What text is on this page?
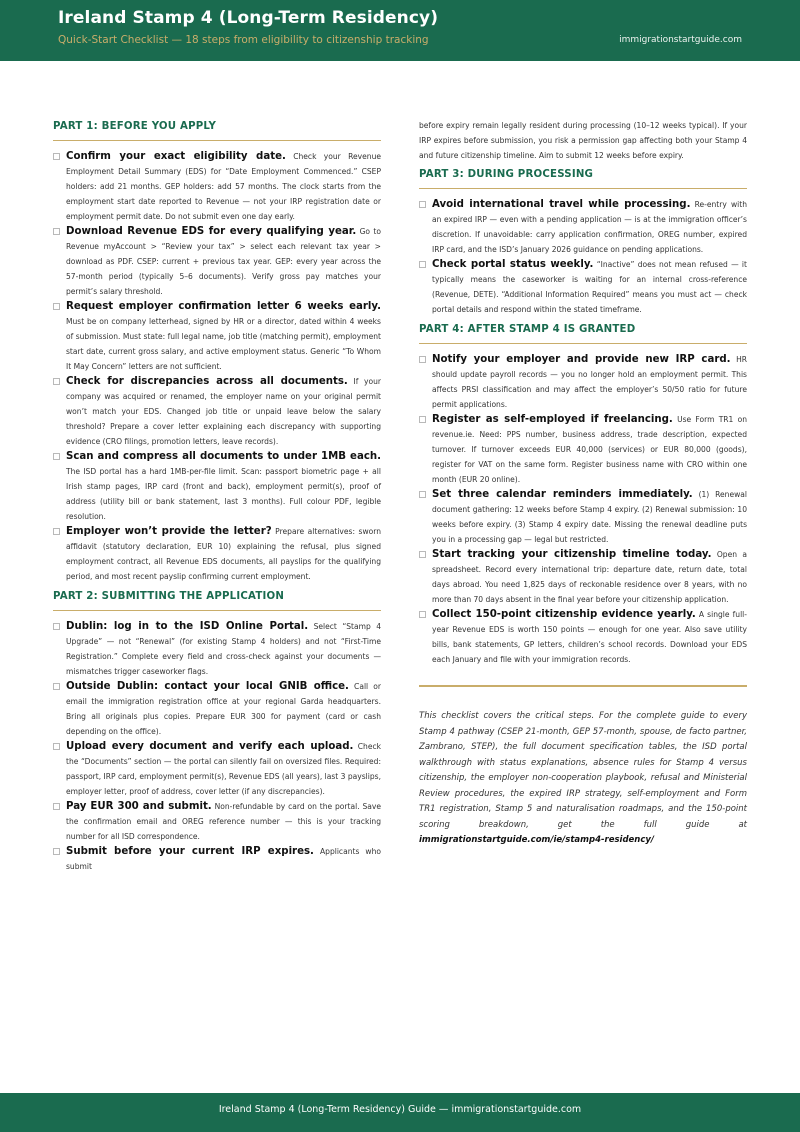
Ireland Stamp 4 (Long-Term Residency)
Quick-Start Checklist — 18 steps from eligibility to citizenship tracking	immigrationstartguide.com
PART 1: BEFORE YOU APPLY

Confirm your exact eligibility date. Check your Revenue Employment Detail Summary (EDS) for “Date Employment Commenced.” CSEP holders: add 21 months. GEP holders: add 57 months. The clock starts from the employment start date reported to Revenue — not your IRP registration date or employment permit date. Do not submit even one day early.

Download Revenue EDS for every qualifying year. Go to Revenue myAccount > “Review your tax” > select each relevant tax year > download as PDF. CSEP: current + previous tax year. GEP: every year across the 57-month period (typically 5–6 documents). Verify gross pay matches your permit’s salary threshold.

Request employer confirmation letter 6 weeks early. Must be on company letterhead, signed by HR or a director, dated within 4 weeks of submission. Must state: full legal name, job title (matching permit), employment start date, current gross salary, and active employment status. Generic “To Whom It May Concern” letters are not sufficient.

Check for discrepancies across all documents. If your company was acquired or renamed, the employer name on your original permit won’t match your EDS. Changed job title or unpaid leave below the salary threshold? Prepare a cover letter explaining each discrepancy with supporting evidence (CRO filings, promotion letters, leave records).

Scan and compress all documents to under 1MB each. The ISD portal has a hard 1MB-per-file limit. Scan: passport biometric page + all Irish stamp pages, IRP card (front and back), employment permit(s), proof of address (utility bill or bank statement, last 3 months). Full colour PDF, legible resolution.

Employer won’t provide the letter? Prepare alternatives: sworn affidavit (statutory declaration, EUR 10) explaining the refusal, plus signed employment contract, all Revenue EDS documents, all payslips for the qualifying period, and most recent payslip confirming current employment.

PART 2: SUBMITTING THE APPLICATION

Dublin: log in to the ISD Online Portal. Select “Stamp 4 Upgrade” — not “Renewal” (for existing Stamp 4 holders) and not “First-Time Registration.” Complete every field and cross-check against your documents — mismatches trigger caseworker flags.

Outside Dublin: contact your local GNIB office. Call or email the immigration registration office at your regional Garda headquarters. Bring all originals plus copies. Prepare EUR 300 for payment (card or cash depending on the office).

Upload every document and verify each upload. Check the “Documents” section — the portal can silently fail on oversized files. Required: passport, IRP card, employment permit(s), Revenue EDS (all years), last 3 payslips, employer letter, proof of address, cover letter (if any discrepancies).

Pay EUR 300 and submit. Non-refundable by card on the portal. Save the confirmation email and OREG reference number — this is your tracking number for all ISD correspondence.

Submit before your current IRP expires. Applicants who submit

before expiry remain legally resident during processing (10–12 weeks typical). If your IRP expires before submission, you risk a permission gap affecting both your Stamp 4 and future citizenship timeline. Aim to submit 12 weeks before expiry.

PART 3: DURING PROCESSING

Avoid international travel while processing. Re-entry with an expired IRP — even with a pending application — is at the immigration officer’s discretion. If unavoidable: carry application confirmation, OREG number, expired IRP card, and the ISD’s January 2026 guidance on pending applications.

Check portal status weekly. “Inactive” does not mean refused — it typically means the caseworker is waiting for an internal cross-reference (Revenue, DETE). “Additional Information Required” means you must act — check portal details and respond within the stated timeframe.

PART 4: AFTER STAMP 4 IS GRANTED

Notify your employer and provide new IRP card. HR should update payroll records — you no longer hold an employment permit. This affects PRSI classification and may affect the employer’s 50/50 ratio for future permit applications.

Register as self-employed if freelancing. Use Form TR1 on revenue.ie. Need: PPS number, business address, trade description, expected turnover. If turnover exceeds EUR 40,000 (services) or EUR 80,000 (goods), register for VAT on the same form. Register business name with CRO within one month (EUR 20 online).

Set three calendar reminders immediately. (1) Renewal document gathering: 12 weeks before Stamp 4 expiry. (2) Renewal submission: 10 weeks before expiry. (3) Stamp 4 expiry date. Missing the renewal deadline puts you in a processing gap — legal but restricted.

Start tracking your citizenship timeline today. Open a spreadsheet. Record every international trip: departure date, return date, total days abroad. You need 1,825 days of reckonable residence over 8 years, with no more than 70 days absent in the final year before your citizenship application.

Collect 150-point citizenship evidence yearly. A single full-year Revenue EDS is worth 150 points — enough for one year. Also save utility bills, bank statements, GP letters, children’s school records. Download your EDS each January and file with your immigration records.

This checklist covers the critical steps. For the complete guide to every Stamp 4 pathway (CSEP 21-month, GEP 57-month, spouse, de facto partner, Zambrano, STEP), the full document specification tables, the ISD portal walkthrough with status explanations, absence rules for Stamp 4 versus citizenship, the employer non-cooperation playbook, refusal and Ministerial Review procedures, the expired IRP strategy, self-employment and Form TR1 registration, Stamp 5 and naturalisation roadmaps, and the 150-point scoring breakdown, get the full guide at immigrationstartguide.com/ie/stamp4-residency/

Ireland Stamp 4 (Long-Term Residency) Guide — immigrationstartguide.com
